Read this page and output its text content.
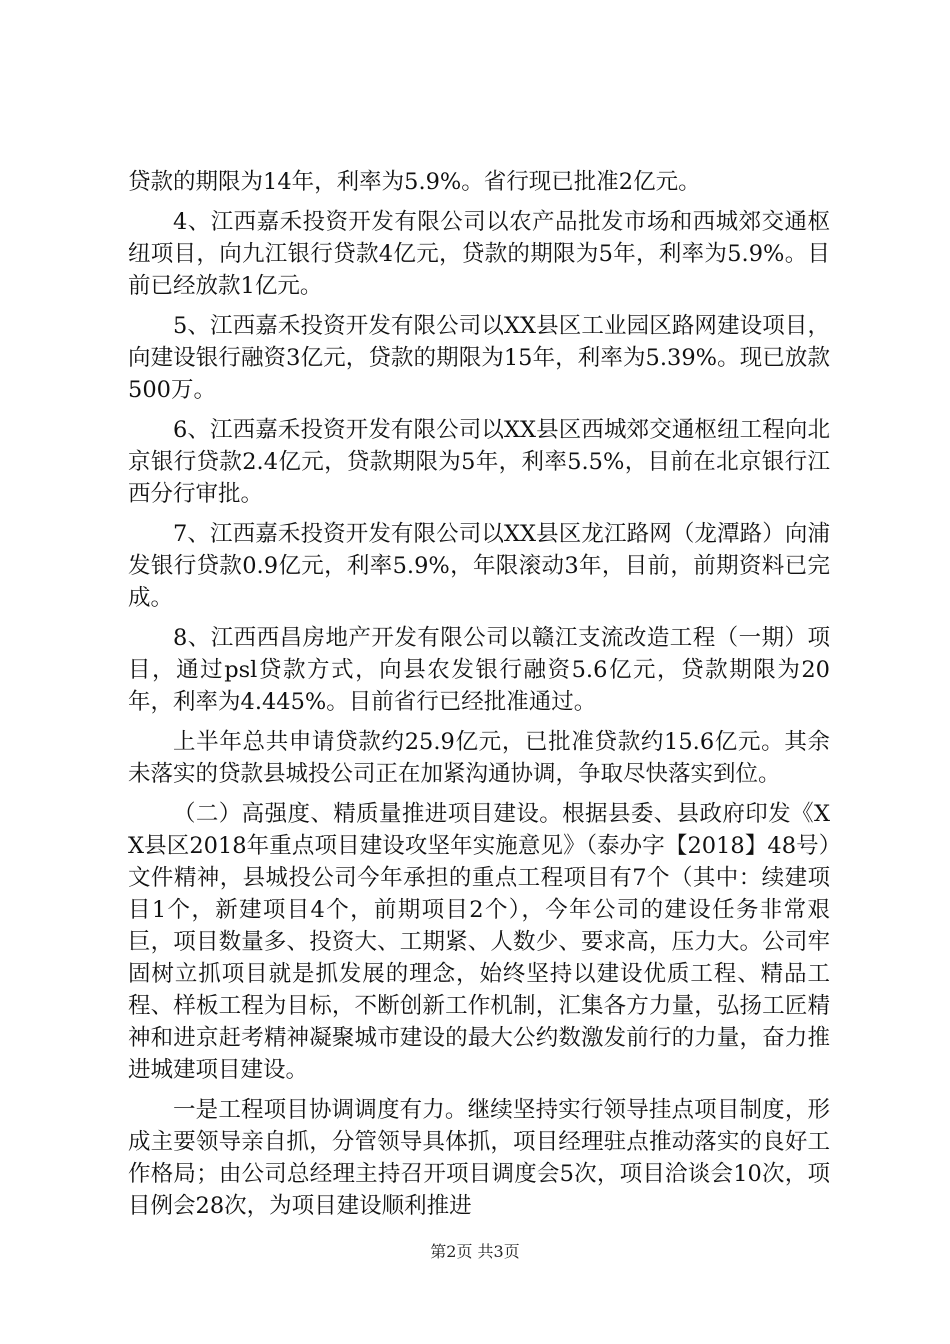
贷款的期限为14年，利率为5.9%。省行现已批准2亿元。

4、江西嘉禾投资开发有限公司以农产品批发市场和西城郊交通枢纽项目，向九江银行贷款4亿元，贷款的期限为5年，利率为5.9%。目前已经放款1亿元。

5、江西嘉禾投资开发有限公司以XX县区工业园区路网建设项目，向建设银行融资3亿元，贷款的期限为15年，利率为5.39%。现已放款500万。

6、江西嘉禾投资开发有限公司以XX县区西城郊交通枢纽工程向北京银行贷款2.4亿元，贷款期限为5年，利率5.5%，目前在北京银行江西分行审批。

7、江西嘉禾投资开发有限公司以XX县区龙江路网（龙潭路）向浦发银行贷款0.9亿元，利率5.9%，年限滚动3年，目前，前期资料已完成。

8、江西西昌房地产开发有限公司以赣江支流改造工程（一期）项目，通过psl贷款方式，向县农发银行融资5.6亿元，贷款期限为20年，利率为4.445%。目前省行已经批准通过。

上半年总共申请贷款约25.9亿元，已批准贷款约15.6亿元。其余未落实的贷款县城投公司正在加紧沟通协调，争取尽快落实到位。

（二）高强度、精质量推进项目建设。根据县委、县政府印发《XX县区2018年重点项目建设攻坚年实施意见》（泰办字【2018】48号）文件精神，县城投公司今年承担的重点工程项目有7个（其中：续建项目1个，新建项目4个，前期项目2个），今年公司的建设任务非常艰巨，项目数量多、投资大、工期紧、人数少、要求高，压力大。公司牢固树立抓项目就是抓发展的理念，始终坚持以建设优质工程、精品工程、样板工程为目标，不断创新工作机制，汇集各方力量，弘扬工匠精神和进京赶考精神凝聚城市建设的最大公约数激发前行的力量，奋力推进城建项目建设。

一是工程项目协调调度有力。继续坚持实行领导挂点项目制度，形成主要领导亲自抓，分管领导具体抓，项目经理驻点推动落实的良好工作格局；由公司总经理主持召开项目调度会5次，项目洽谈会10次，项目例会28次，为项目建设顺利推进

第2页 共3页
